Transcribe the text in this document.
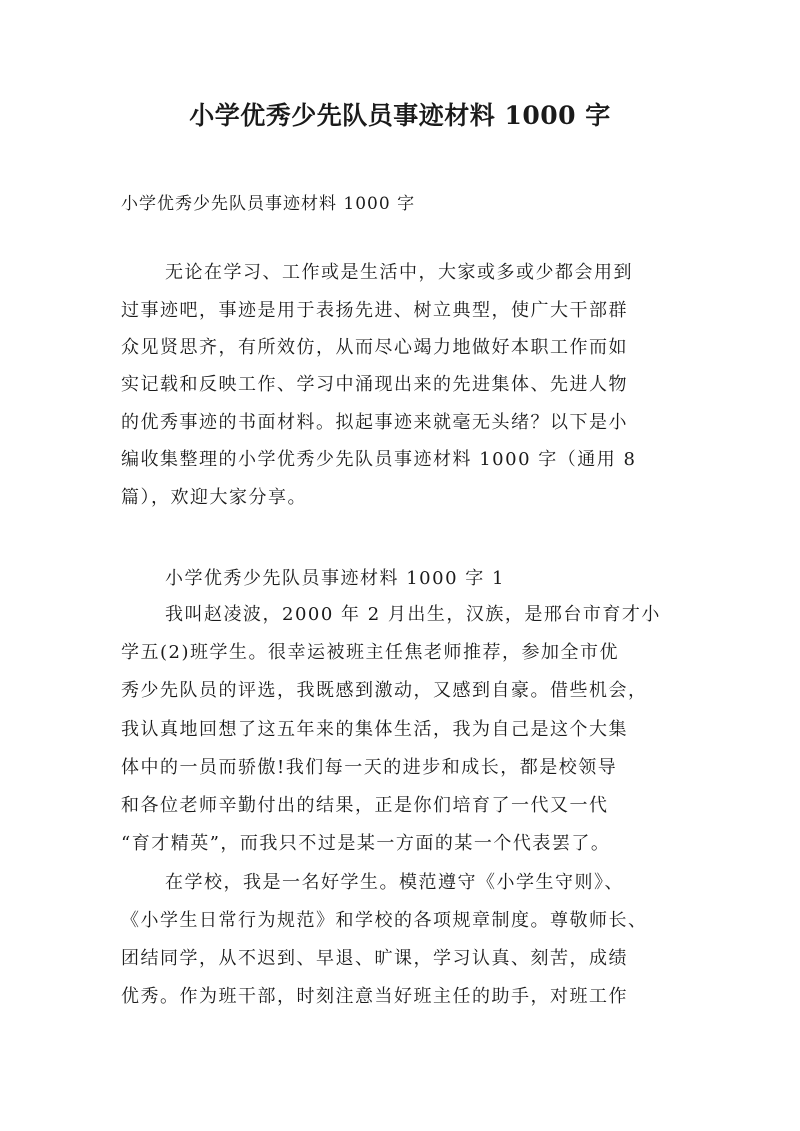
小学优秀少先队员事迹材料 1000 字
小学优秀少先队员事迹材料 1000 字
无论在学习、工作或是生活中，大家或多或少都会用到
过事迹吧，事迹是用于表扬先进、树立典型，使广大干部群
众见贤思齐，有所效仿，从而尽心竭力地做好本职工作而如
实记载和反映工作、学习中涌现出来的先进集体、先进人物
的优秀事迹的书面材料。拟起事迹来就毫无头绪？以下是小
编收集整理的小学优秀少先队员事迹材料 1000 字（通用 8
篇），欢迎大家分享。
小学优秀少先队员事迹材料 1000 字 1
我叫赵凌波，2000 年 2 月出生，汉族，是邢台市育才小
学五(2)班学生。很幸运被班主任焦老师推荐，参加全市优
秀少先队员的评选，我既感到激动，又感到自豪。借些机会，
我认真地回想了这五年来的集体生活，我为自己是这个大集
体中的一员而骄傲!我们每一天的进步和成长，都是校领导
和各位老师辛勤付出的结果，正是你们培育了一代又一代
“育才精英”，而我只不过是某一方面的某一个代表罢了。
在学校，我是一名好学生。模范遵守《小学生守则》、
《小学生日常行为规范》和学校的各项规章制度。尊敬师长、
团结同学，从不迟到、早退、旷课，学习认真、刻苦，成绩
优秀。作为班干部，时刻注意当好班主任的助手，对班工作
